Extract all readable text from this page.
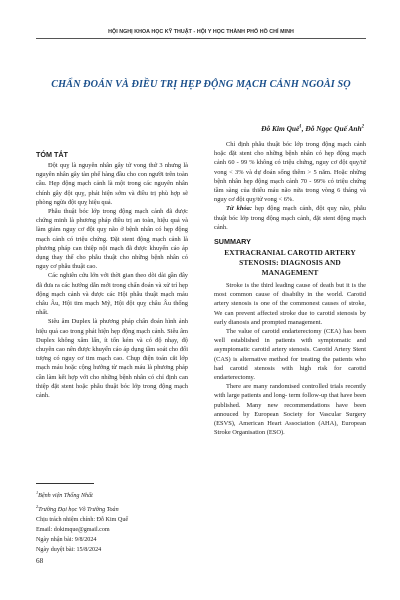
HỘI NGHỊ KHOA HỌC KỸ THUẬT - HỘI Y HỌC THÀNH PHỐ HỒ CHÍ MINH
CHẨN ĐOÁN VÀ ĐIỀU TRỊ HẸP ĐỘNG MẠCH CẢNH NGOÀI SỌ
Đỗ Kim Quế$^1$, Đỗ Ngọc Quế Anh$^2$
TÓM TẮT

Đột quỵ là nguyên nhân gây tử vong thứ 3 nhưng là nguyên nhân gây tàn phế hàng đầu cho con người trên toàn cầu. Hẹp động mạch cảnh là một trong các nguyên nhân chính gây đột quỵ, phát hiện sớm và điều trị phù hợp sẽ phòng ngừa đột quỵ hiệu quả.

Phẫu thuật bóc lớp trong động mạch cảnh đã được chứng minh là phương pháp điều trị an toàn, hiệu quả và làm giảm nguy cơ đột quỵ não ở bệnh nhân có hẹp động mạch cảnh có triệu chứng. Đặt stent động mạch cảnh là phương pháp can thiệp nội mạch đã được khuyến cáo áp dụng thay thế cho phẫu thuật cho những bệnh nhân có nguy cơ phẫu thuật cao.

Các nghiên cứu lớn với thời gian theo dõi dài gần đây đã đưa ra các hướng dẫn mới trong chẩn đoán và xử trí hẹp động mạch cảnh và được các Hội phẫu thuật mạch máu châu Âu, Hội tim mạch Mỹ, Hội đột quỵ châu Âu thống nhất.

Siêu âm Duplex là phương pháp chẩn đoán hình ảnh hiệu quả cao trong phát hiện hẹp động mạch cảnh. Siêu âm Duplex không xâm lấn, ít tốn kém và có độ nhạy, độ chuyên cao nên được khuyến cáo áp dụng tầm soát cho đối tượng có nguy cơ tim mạch cao. Chụp điện toán cắt lớp mạch máu hoặc cộng hưởng từ mạch máu là phương pháp cần làm kết hợp với cho những bệnh nhân có chỉ định can thiệp đặt stent hoặc phẫu thuật bóc lớp trong động mạch cảnh.

Chỉ định phẫu thuật bóc lớp trong động mạch cảnh hoặc đặt stent cho những bệnh nhân có hẹp động mạch cảnh 60 - 99 % không có triệu chứng, nguy cơ đột quỵ/tử vong < 3% và dự đoán sống thêm > 5 năm. Hoặc những bệnh nhân hẹp động mạch cảnh 70 - 99% có triệu chứng tầm sàng của thiếu máu não nửa trong vòng 6 tháng và nguy cơ đột quỵ/tử vong < 6%.

Từ khóa: hẹp động mạch cảnh, đột quỵ não, phẫu thuật bóc lớp trong động mạch cảnh, đặt stent động mạch cảnh.

SUMMARY
EXTRACRANIAL CAROTID ARTERY STENOSIS: DIAGNOSIS AND MANAGEMENT

Stroke is the third leading cause of death but it is the most common cause of disabilty in the world. Carotid artery stenosis is one of the commonest causes of stroke, We can prevent affected stroke due to carotid stenosis by early dianosis and prompted management.

The value of carotid endarterectomy (CEA) has been well established in patients with symptomatic and asymptomatic carotid artery stenosis. Carotid Artery Stent (CAS) is alternative method for treating the patients who had carotid stenosis with high risk for carotid endarterectomy.

There are many randomised controlled trials recently with large patients and long- term follow-up that have been published. Many new recommendations have been annouced by European Society for Vascular Surgery (ESVS), American Heart Association (AHA), European Stroke Organisation (ESO).

$^1$Bệnh viện Thống Nhất
$^2$Trường Đại học Võ Trường Toản
Chịu trách nhiệm chính: Đỗ Kim Quế
Email: dokimque@gmail.com
Ngày nhận bài: 9/8/2024
Ngày duyệt bài: 15/8/2024
68
